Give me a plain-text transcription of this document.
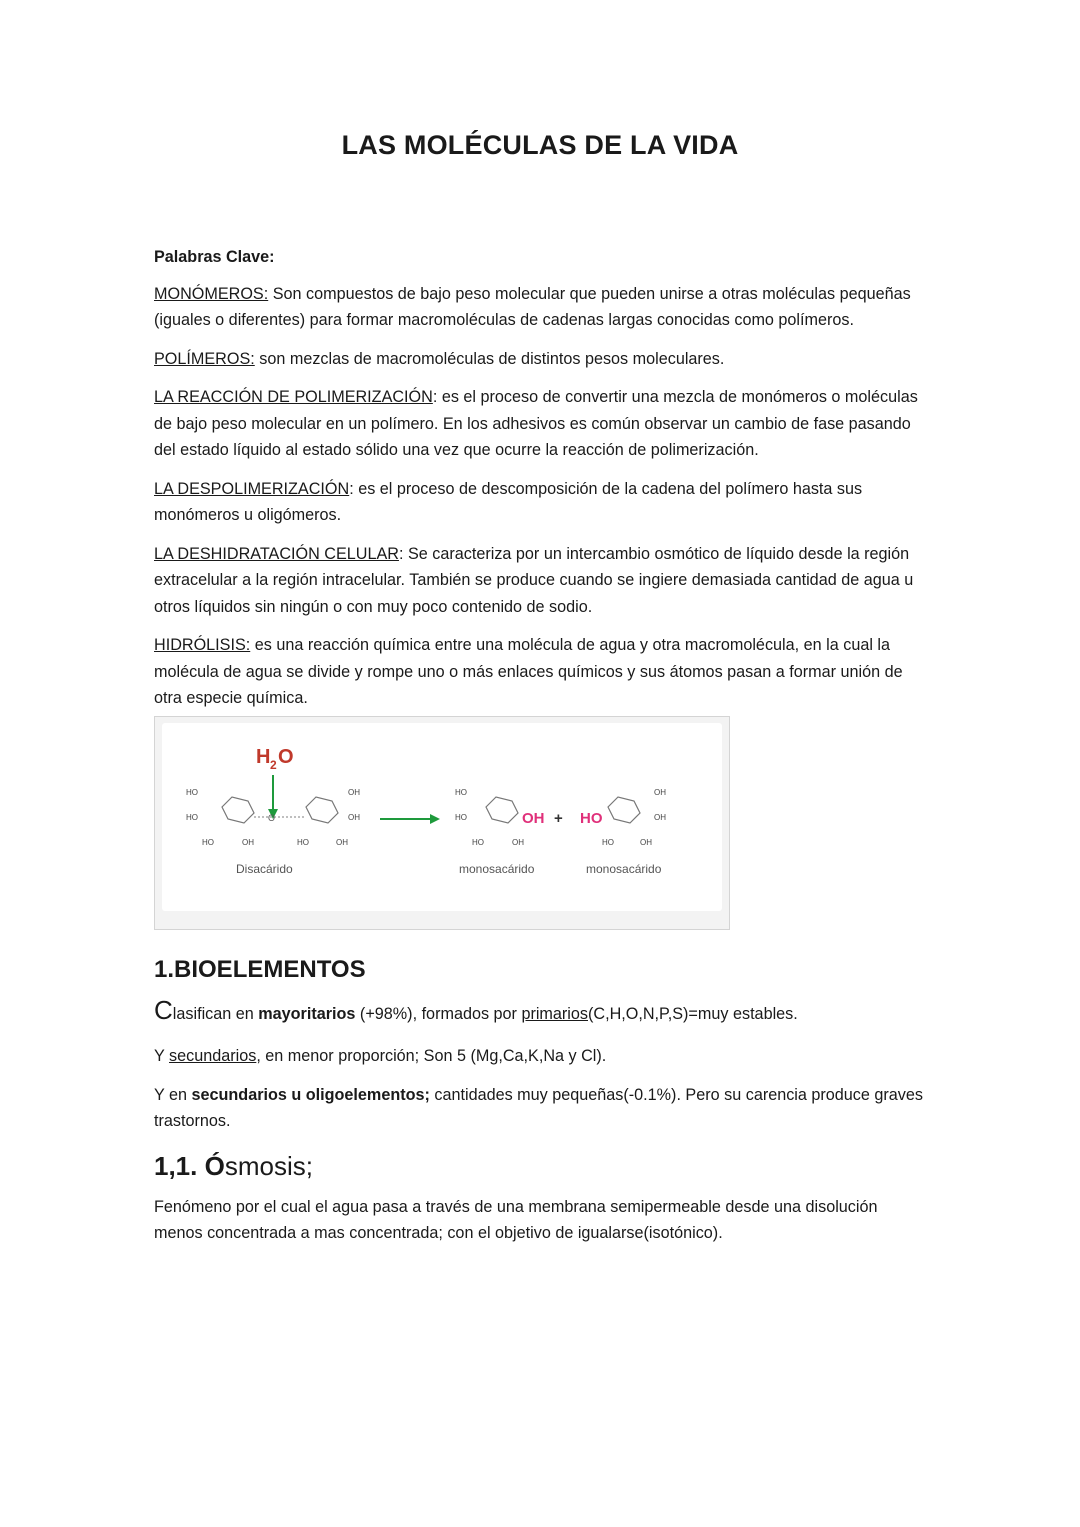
LAS MOLÉCULAS DE LA VIDA

Palabras Clave:

MONÓMEROS: Son compuestos de bajo peso molecular que pueden unirse a otras moléculas pequeñas (iguales o diferentes) para formar macromoléculas de cadenas largas conocidas como polímeros.

POLÍMEROS: son mezclas de macromoléculas de distintos pesos moleculares.

LA REACCIÓN DE POLIMERIZACIÓN: es el proceso de convertir una mezcla de monómeros o moléculas de bajo peso molecular en un polímero. En los adhesivos es común observar un cambio de fase pasando del estado líquido al estado sólido una vez que ocurre la reacción de polimerización.

LA DESPOLIMERIZACIÓN: es el proceso de descomposición de la cadena del polímero hasta sus monómeros u oligómeros.

LA DESHIDRATACIÓN CELULAR: Se caracteriza por un intercambio osmótico de líquido desde la región extracelular a la región intracelular. También se produce cuando se ingiere demasiada cantidad de agua u otros líquidos sin ningún o con muy poco contenido de sodio.

HIDRÓLISIS: es una reacción química entre una molécula de agua y otra macromolécula, en la cual la molécula de agua se divide y rompe uno o más enlaces químicos y sus átomos pasan a formar unión de otra especie química.

H 2 O
O
HO
HO
HO	OH	HO	OH
OH
OH
Disacárido
HO
HO
HO	OH
OH +
monosacárido
HO
OH
OH
HO	OH
monosacárido
1.BIOELEMENTOS

Clasifican en mayoritarios (+98%), formados por primarios(C,H,O,N,P,S)=muy estables.

Y secundarios, en menor proporción; Son 5 (Mg,Ca,K,Na y Cl).

Y en secundarios u oligoelementos; cantidades muy pequeñas(-0.1%). Pero su carencia produce graves trastornos.

1,1. Ósmosis;

Fenómeno por el cual el agua pasa a través de una membrana semipermeable desde una disolución menos concentrada a mas concentrada; con el objetivo de igualarse(isotónico).
